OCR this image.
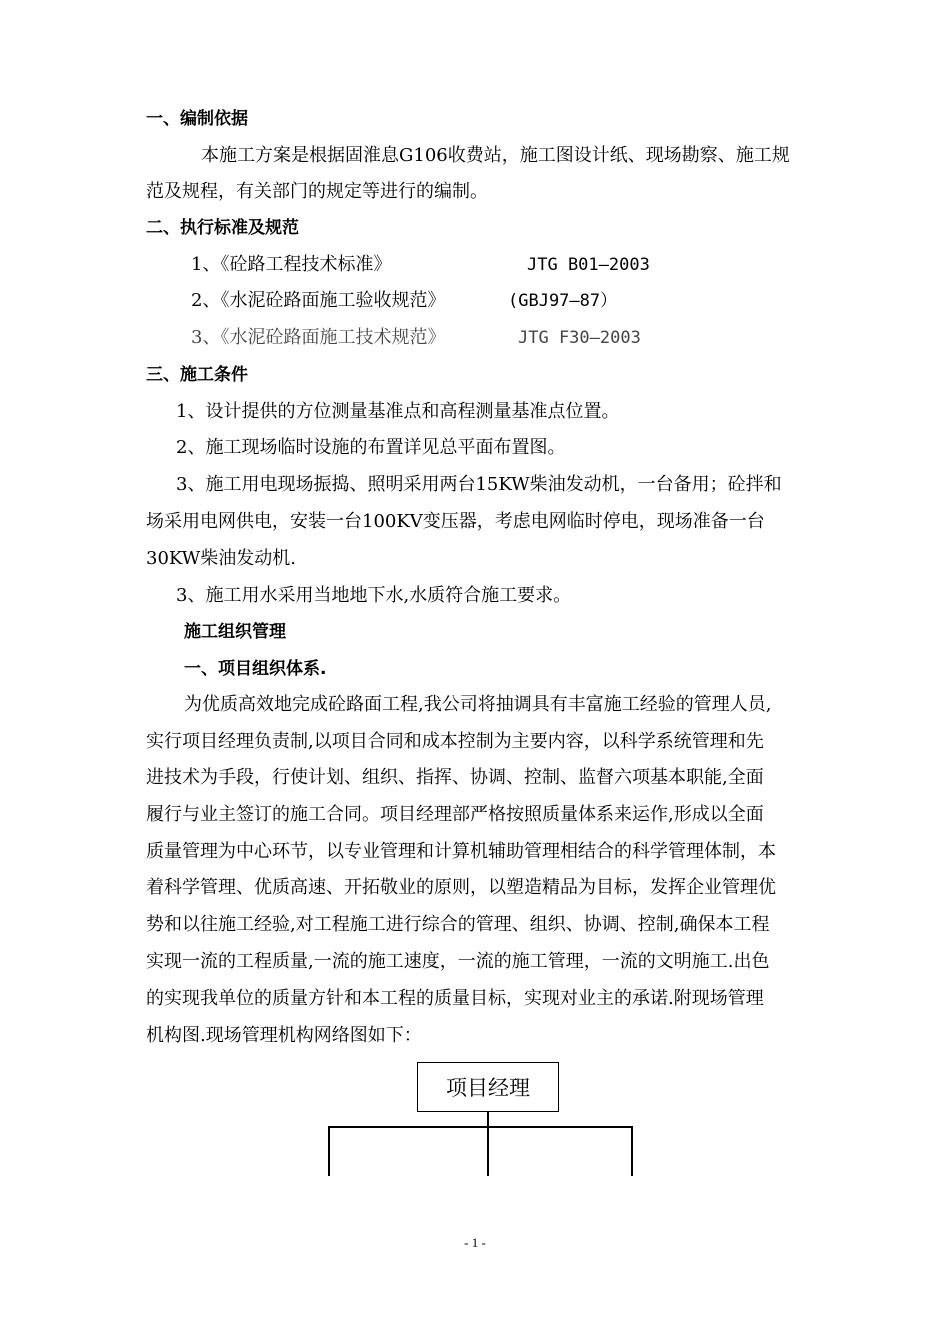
一、编制依据
本施工方案是根据固淮息G106收费站，施工图设计纸、现场勘察、施工规
范及规程，有关部门的规定等进行的编制。
二、执行标准及规范
1、《砼路工程技术标准》	JTG B01—2003
2、《水泥砼路面施工验收规范》	(GBJ97—87）
3、《水泥砼路面施工技术规范》	JTG F30—2003
三、施工条件
1、设计提供的方位测量基准点和高程测量基准点位置。
2、施工现场临时设施的布置详见总平面布置图。
3、施工用电现场振捣、照明采用两台15KW柴油发动机，一台备用；砼拌和
场采用电网供电，安装一台100KV变压器，考虑电网临时停电，现场准备一台
30KW柴油发动机.
3、施工用水采用当地地下水,水质符合施工要求。
施工组织管理
一、项目组织体系.
为优质高效地完成砼路面工程,我公司将抽调具有丰富施工经验的管理人员,
实行项目经理负责制,以项目合同和成本控制为主要内容，以科学系统管理和先
进技术为手段，行使计划、组织、指挥、协调、控制、监督六项基本职能,全面
履行与业主签订的施工合同。项目经理部严格按照质量体系来运作,形成以全面
质量管理为中心环节，以专业管理和计算机辅助管理相结合的科学管理体制，本
着科学管理、优质高速、开拓敬业的原则，以塑造精品为目标，发挥企业管理优
势和以往施工经验,对工程施工进行综合的管理、组织、协调、控制,确保本工程
实现一流的工程质量,一流的施工速度，一流的施工管理，一流的文明施工.出色
的实现我单位的质量方针和本工程的质量目标，实现对业主的承诺.附现场管理
机构图.现场管理机构网络图如下：
项目经理
- 1 -
